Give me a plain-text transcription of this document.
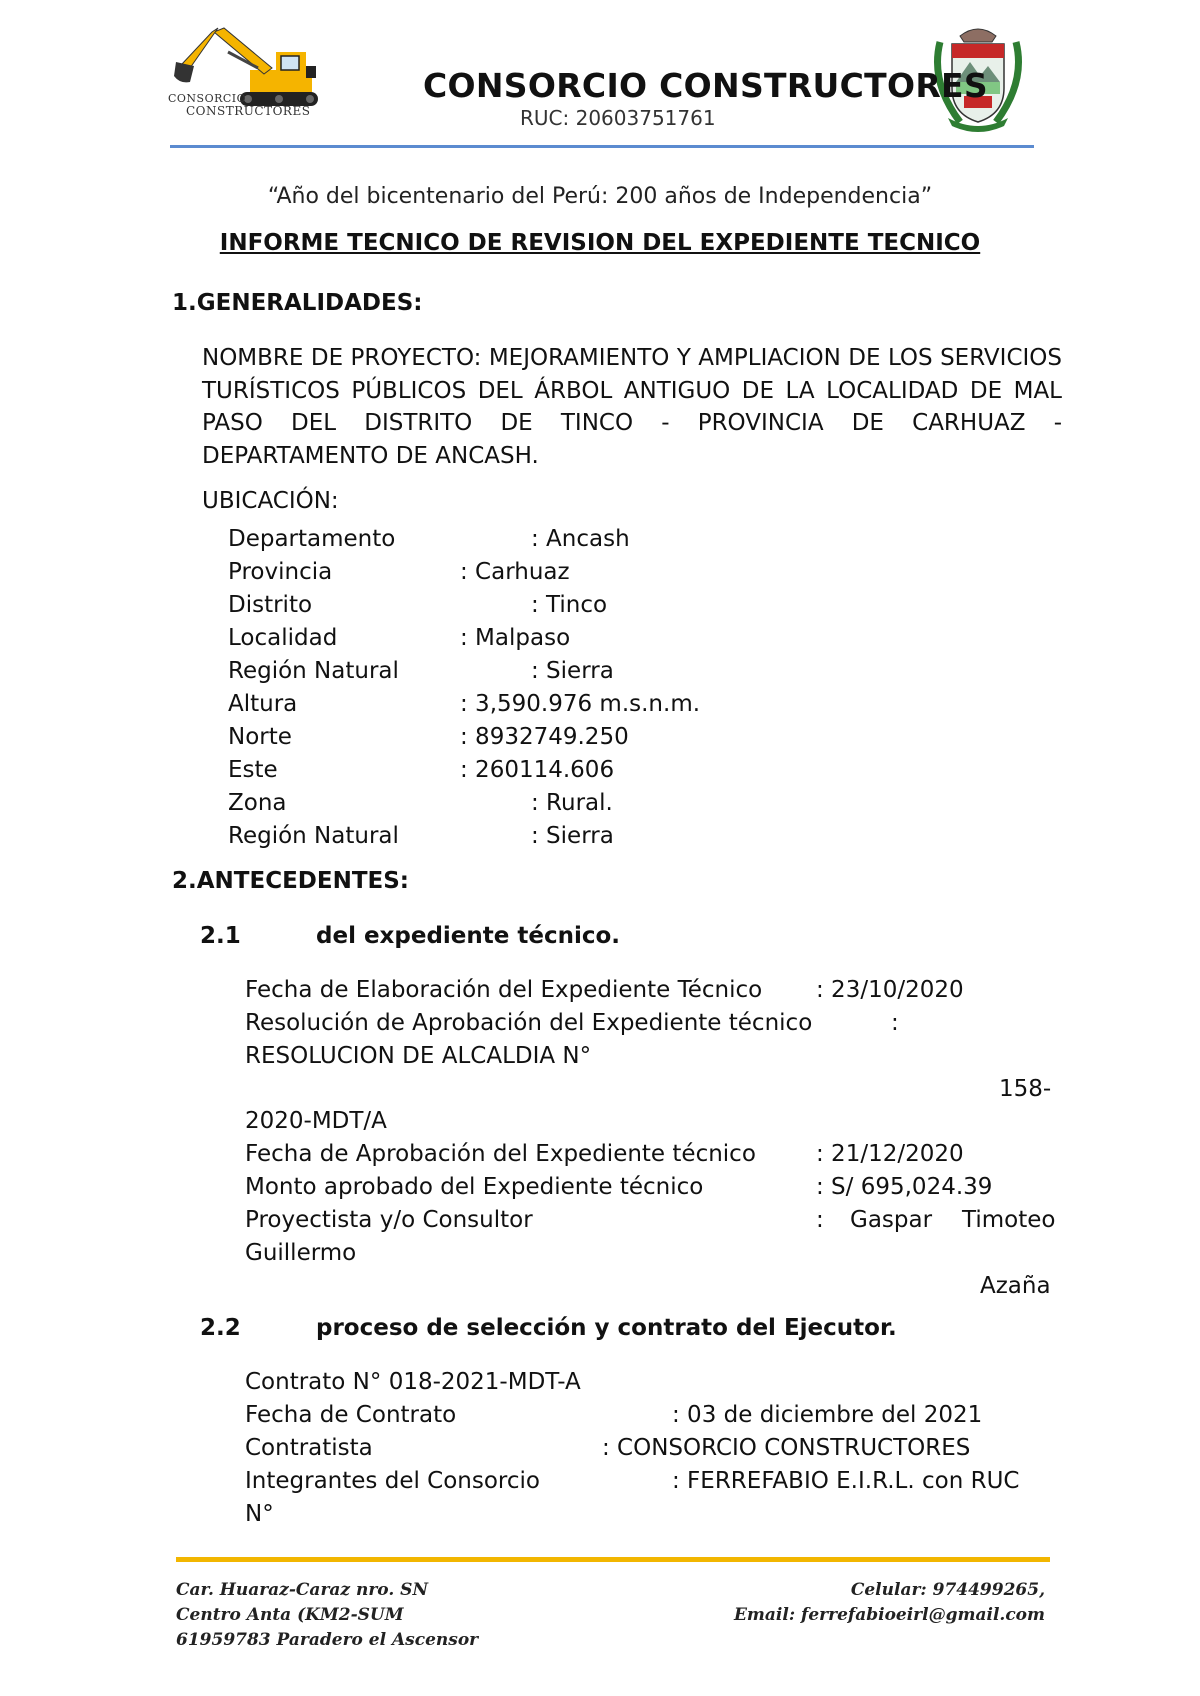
CONSORCIO
CONSTRUCTORES
CONSORCIO CONSTRUCTORES
RUC: 20603751761
“Año del bicentenario del Perú: 200 años de Independencia”
INFORME TECNICO DE REVISION DEL EXPEDIENTE TECNICO
1.GENERALIDADES:
NOMBRE DE PROYECTO: MEJORAMIENTO Y AMPLIACION DE LOS SERVICIOS TURÍSTICOS PÚBLICOS DEL ÁRBOL ANTIGUO DE LA LOCALIDAD DE MAL PASO DEL DISTRITO DE TINCO - PROVINCIA DE CARHUAZ - DEPARTAMENTO DE ANCASH.
UBICACIÓN:
Departamento	: Ancash
Provincia	: Carhuaz
Distrito	: Tinco
Localidad	: Malpaso
Región Natural	: Sierra
Altura	: 3,590.976 m.s.n.m.
Norte	: 8932749.250
Este	: 260114.606
Zona	: Rural.
Región Natural	: Sierra
2.ANTECEDENTES:
2.1	del expediente técnico.
Fecha de Elaboración del Expediente Técnico : 23/10/2020
Resolución de Aprobación del Expediente técnico	:
RESOLUCION DE ALCALDIA N°
158-
2020-MDT/A
Fecha de Aprobación del Expediente técnico	: 21/12/2020
Monto aprobado del Expediente técnico	: S/ 695,024.39
Proyectista y/o Consultor	: Gaspar Timoteo
Guillermo
Azaña
2.2	proceso de selección y contrato del Ejecutor.
Contrato N° 018-2021-MDT-A
Fecha de Contrato	: 03 de diciembre del 2021
Contratista	: CONSORCIO CONSTRUCTORES
Integrantes del Consorcio	: FERREFABIO E.I.R.L. con RUC
N°
Car. Huaraz-Caraz nro. SN
Centro Anta (KM2-SUM
61959783 Paradero el Ascensor
Celular: 974499265,
Email: ferrefabioeirl@gmail.com
